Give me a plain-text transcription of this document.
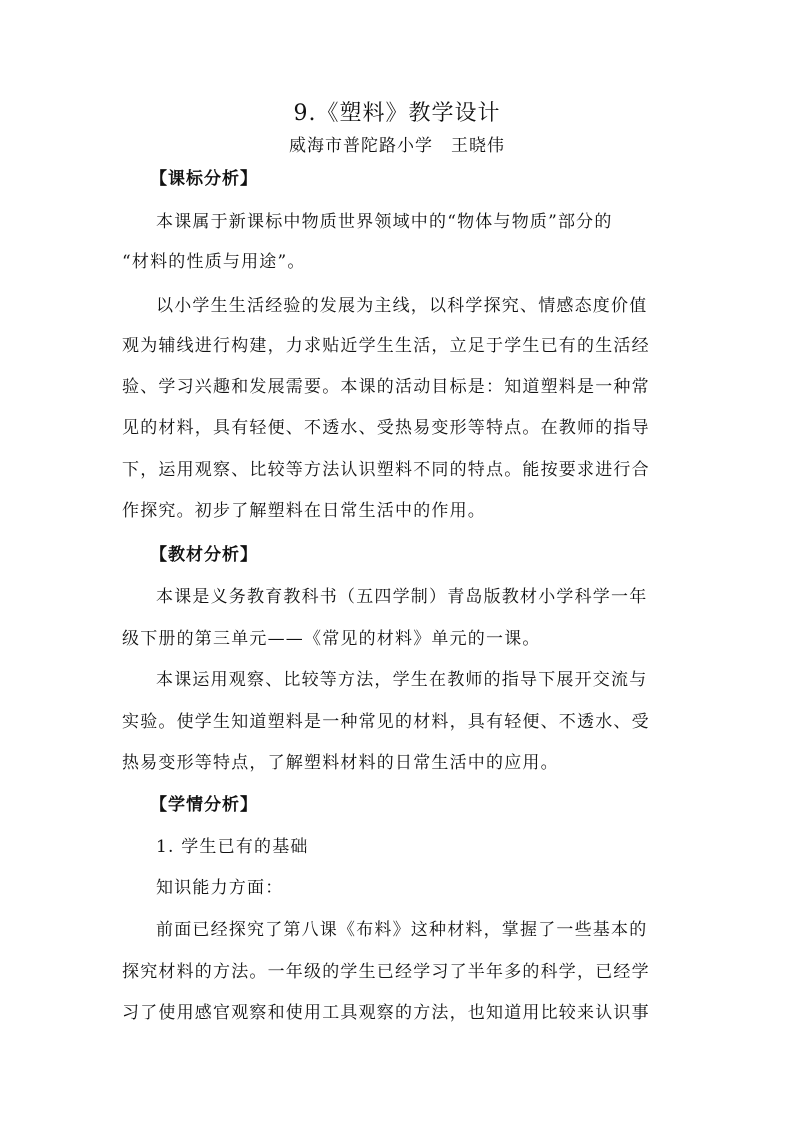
9.《塑料》教学设计
威海市普陀路小学　王晓伟
【课标分析】
本课属于新课标中物质世界领域中的“物体与物质”部分的
“材料的性质与用途”。
以小学生生活经验的发展为主线，以科学探究、情感态度价值
观为辅线进行构建，力求贴近学生生活，立足于学生已有的生活经
验、学习兴趣和发展需要。本课的活动目标是：知道塑料是一种常
见的材料，具有轻便、不透水、受热易变形等特点。在教师的指导
下，运用观察、比较等方法认识塑料不同的特点。能按要求进行合
作探究。初步了解塑料在日常生活中的作用。
【教材分析】
本课是义务教育教科书（五四学制）青岛版教材小学科学一年
级下册的第三单元——《常见的材料》单元的一课。
本课运用观察、比较等方法，学生在教师的指导下展开交流与
实验。使学生知道塑料是一种常见的材料，具有轻便、不透水、受
热易变形等特点，了解塑料材料的日常生活中的应用。
【学情分析】
1. 学生已有的基础
知识能力方面：
前面已经探究了第八课《布料》这种材料，掌握了一些基本的
探究材料的方法。一年级的学生已经学习了半年多的科学，已经学
习了使用感官观察和使用工具观察的方法，也知道用比较来认识事
